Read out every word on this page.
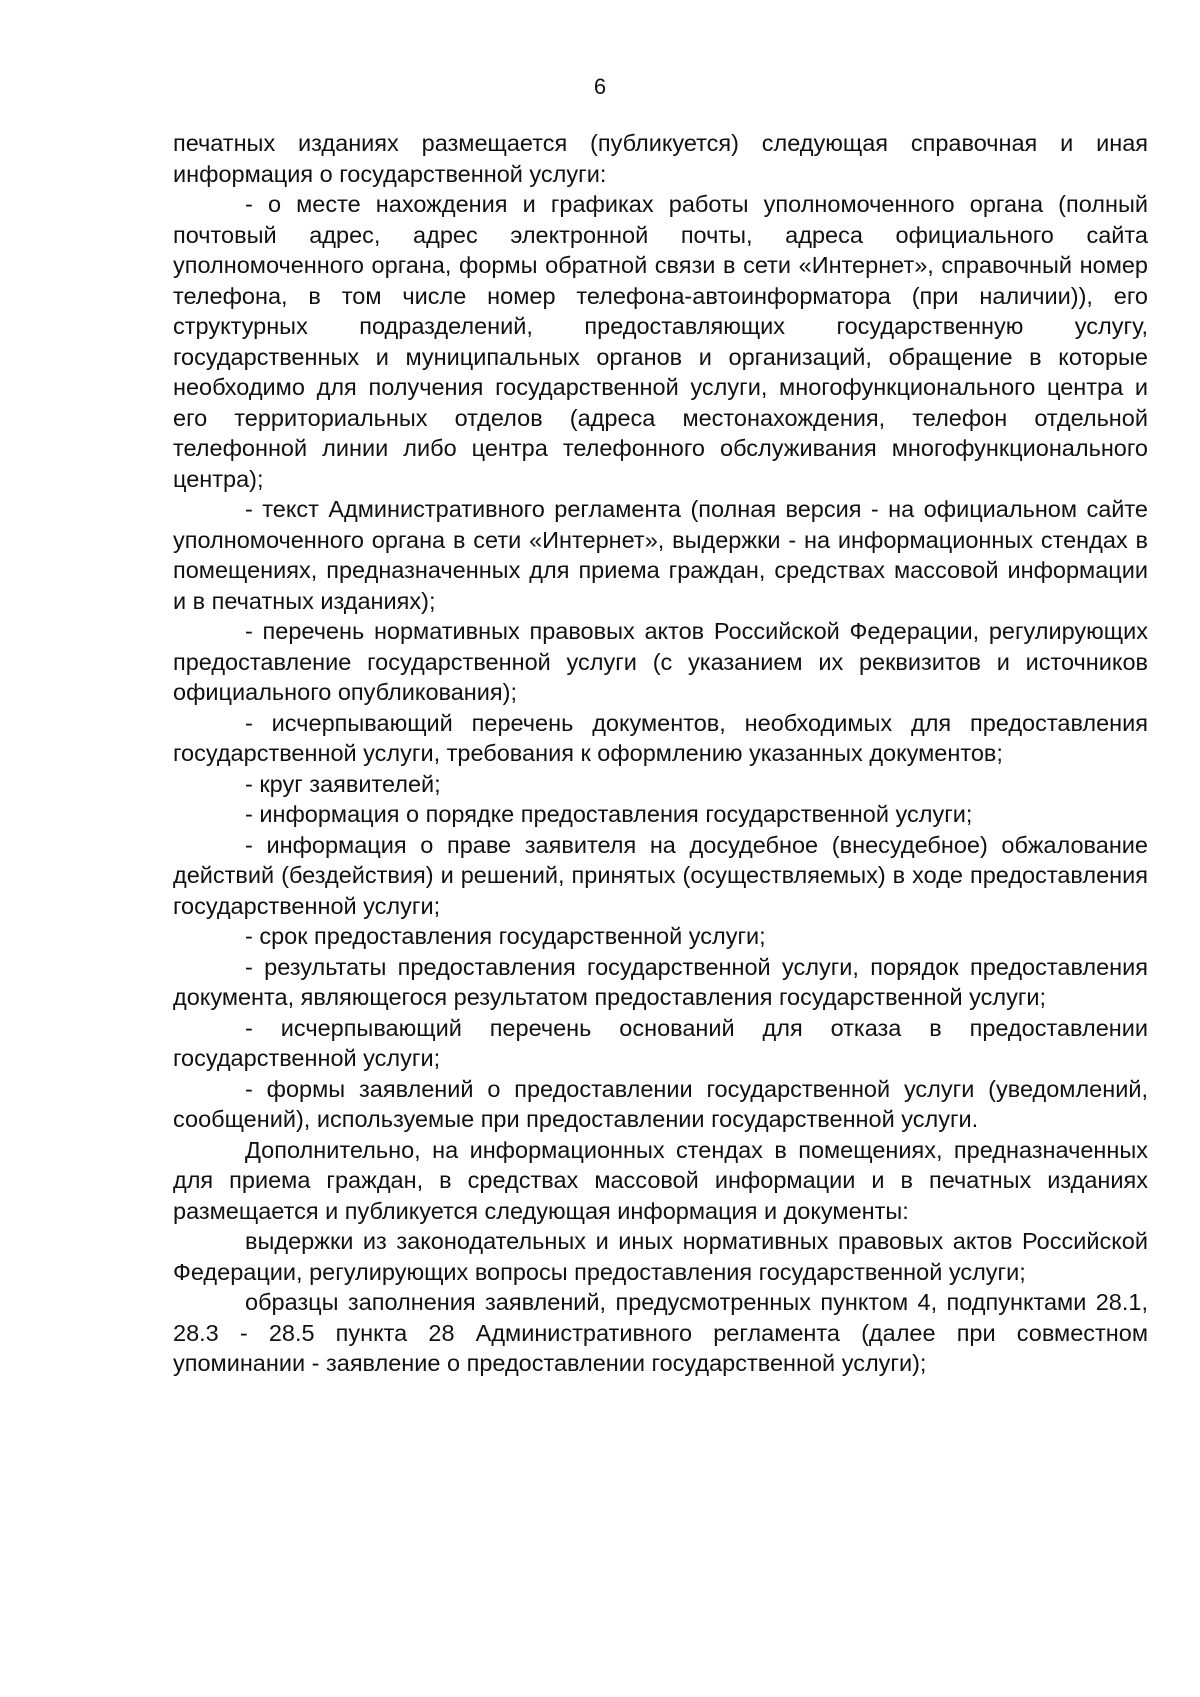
6

печатных изданиях размещается (публикуется) следующая справочная и иная информация о государственной услуги:

- о месте нахождения и графиках работы уполномоченного органа (полный почтовый адрес, адрес электронной почты, адреса официального сайта уполномоченного органа, формы обратной связи в сети «Интернет», справочный номер телефона, в том числе номер телефона-автоинформатора (при наличии)), его структурных подразделений, предоставляющих государственную услугу, государственных и муниципальных органов и организаций, обращение в которые необходимо для получения государственной услуги, многофункционального центра и его территориальных отделов (адреса местонахождения, телефон отдельной телефонной линии либо центра телефонного обслуживания многофункционального центра);

- текст Административного регламента (полная версия - на официальном сайте уполномоченного органа в сети «Интернет», выдержки - на информационных стендах в помещениях, предназначенных для приема граждан, средствах массовой информации и в печатных изданиях);

- перечень нормативных правовых актов Российской Федерации, регулирующих предоставление государственной услуги (с указанием их реквизитов и источников официального опубликования);

- исчерпывающий перечень документов, необходимых для предоставления государственной услуги, требования к оформлению указанных документов;

- круг заявителей;

- информация о порядке предоставления государственной услуги;

- информация о праве заявителя на досудебное (внесудебное) обжалование действий (бездействия) и решений, принятых (осуществляемых) в ходе предоставления государственной услуги;

- срок предоставления государственной услуги;

- результаты предоставления государственной услуги, порядок предоставления документа, являющегося результатом предоставления государственной услуги;

- исчерпывающий перечень оснований для отказа в предоставлении государственной услуги;

- формы заявлений о предоставлении государственной услуги (уведомлений, сообщений), используемые при предоставлении государственной услуги.

Дополнительно, на информационных стендах в помещениях, предназначенных для приема граждан, в средствах массовой информации и в печатных изданиях размещается и публикуется следующая информация и документы:

выдержки из законодательных и иных нормативных правовых актов Российской Федерации, регулирующих вопросы предоставления государственной услуги;

образцы заполнения заявлений, предусмотренных пунктом 4, подпунктами 28.1, 28.3 - 28.5 пункта 28 Административного регламента (далее при совместном упоминании - заявление о предоставлении государственной услуги);
